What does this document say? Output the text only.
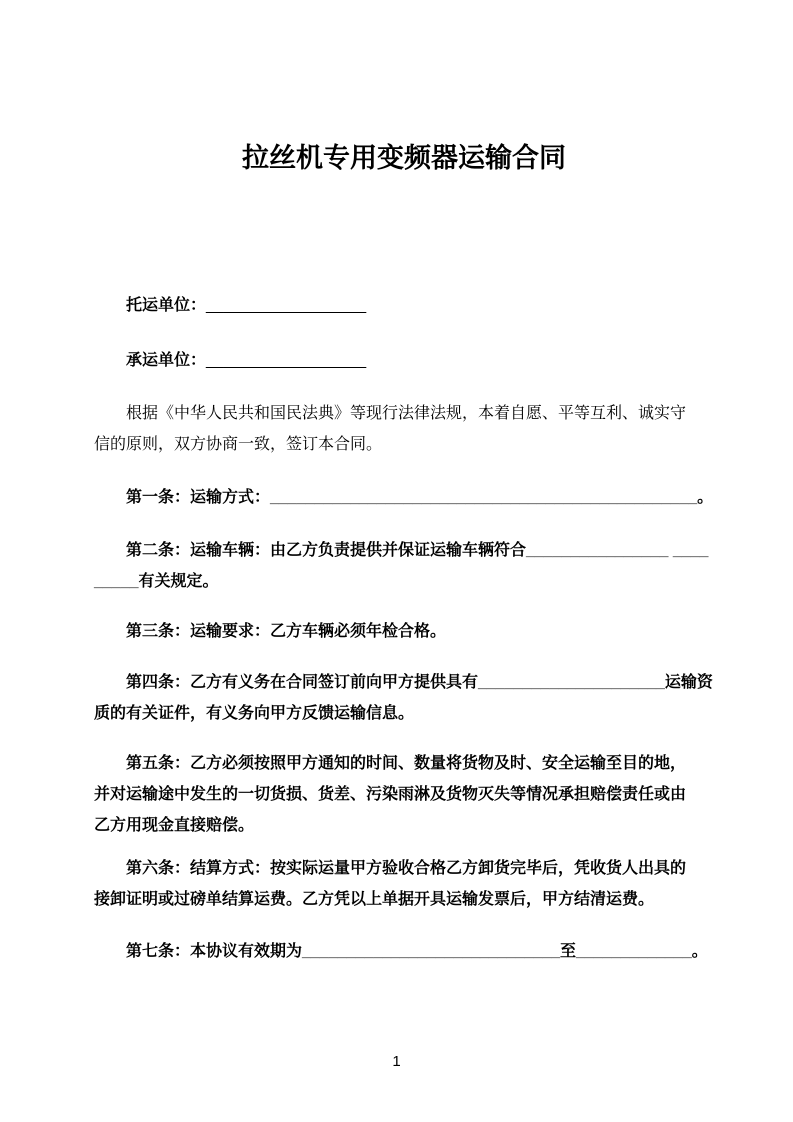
拉丝机专用变频器运输合同

托运单位：__________________

承运单位：__________________

根据《中华人民共和国民法典》等现行法律法规，本着自愿、平等互利、诚实守

信的原则，双方协商一致，签订本合同。

第一条：运输方式：________________________________________________。

第二条：运输车辆：由乙方负责提供并保证运输车辆符合________________ ____

_____有关规定。

第三条：运输要求：乙方车辆必须年检合格。

第四条：乙方有义务在合同签订前向甲方提供具有_____________________运输资

质的有关证件，有义务向甲方反馈运输信息。

第五条：乙方必须按照甲方通知的时间、数量将货物及时、安全运输至目的地，

并对运输途中发生的一切货损、货差、污染雨淋及货物灭失等情况承担赔偿责任或由

乙方用现金直接赔偿。

第六条：结算方式：按实际运量甲方验收合格乙方卸货完毕后，凭收货人出具的

接卸证明或过磅单结算运费。乙方凭以上单据开具运输发票后，甲方结清运费。

第七条：本协议有效期为_____________________________至_____________。

1
